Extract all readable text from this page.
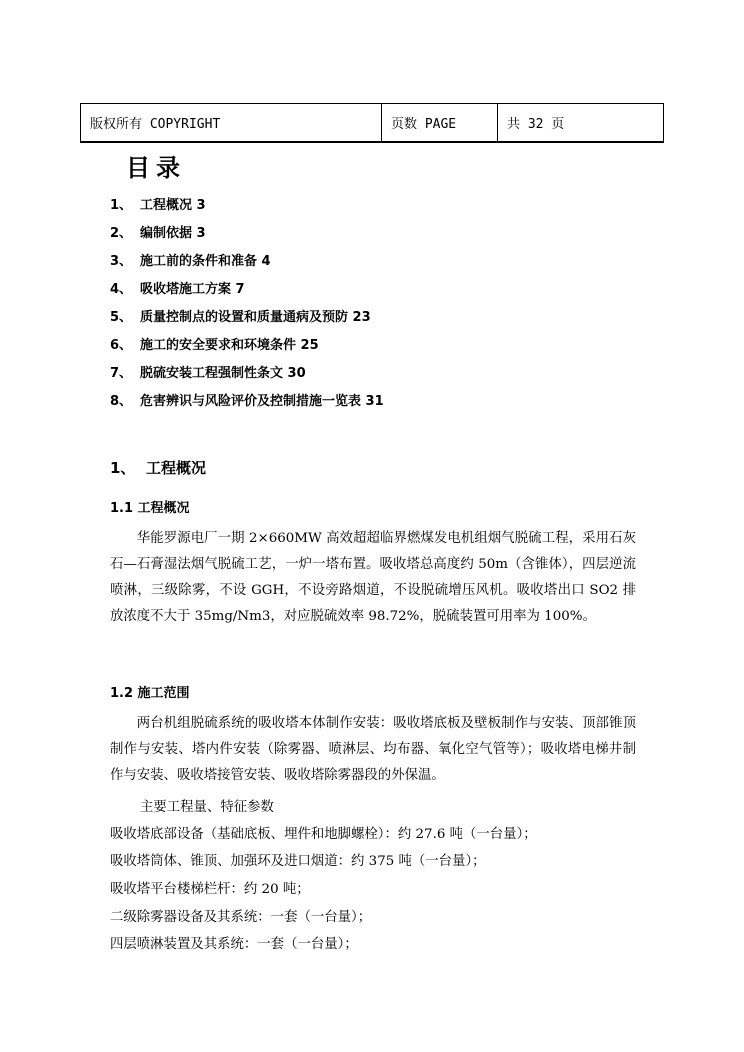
版权所有 COPYRIGHT	页数 PAGE	共 32 页
目录
1、 工程概况 3
2、 编制依据 3
3、 施工前的条件和准备 4
4、 吸收塔施工方案 7
5、 质量控制点的设置和质量通病及预防 23
6、 施工的安全要求和环境条件 25
7、 脱硫安装工程强制性条文 30
8、 危害辨识与风险评价及控制措施一览表 31
1、 工程概况
1.1 工程概况

华能罗源电厂一期 2×660MW 高效超超临界燃煤发电机组烟气脱硫工程，采用石灰石—石膏湿法烟气脱硫工艺，一炉一塔布置。吸收塔总高度约 50m（含锥体），四层逆流喷淋，三级除雾，不设 GGH，不设旁路烟道，不设脱硫增压风机。吸收塔出口 SO2 排放浓度不大于 35mg/Nm3，对应脱硫效率 98.72%，脱硫装置可用率为 100%。

1.2 施工范围

两台机组脱硫系统的吸收塔本体制作安装：吸收塔底板及壁板制作与安装、顶部锥顶制作与安装、塔内件安装（除雾器、喷淋层、均布器、氧化空气管等）；吸收塔电梯井制作与安装、吸收塔接管安装、吸收塔除雾器段的外保温。

主要工程量、特征参数
吸收塔底部设备（基础底板、埋件和地脚螺栓）：约 27.6 吨（一台量）；
吸收塔筒体、锥顶、加强环及进口烟道：约 375 吨（一台量）；
吸收塔平台楼梯栏杆：约 20 吨；
二级除雾器设备及其系统：一套（一台量）；
四层喷淋装置及其系统：一套（一台量）；
